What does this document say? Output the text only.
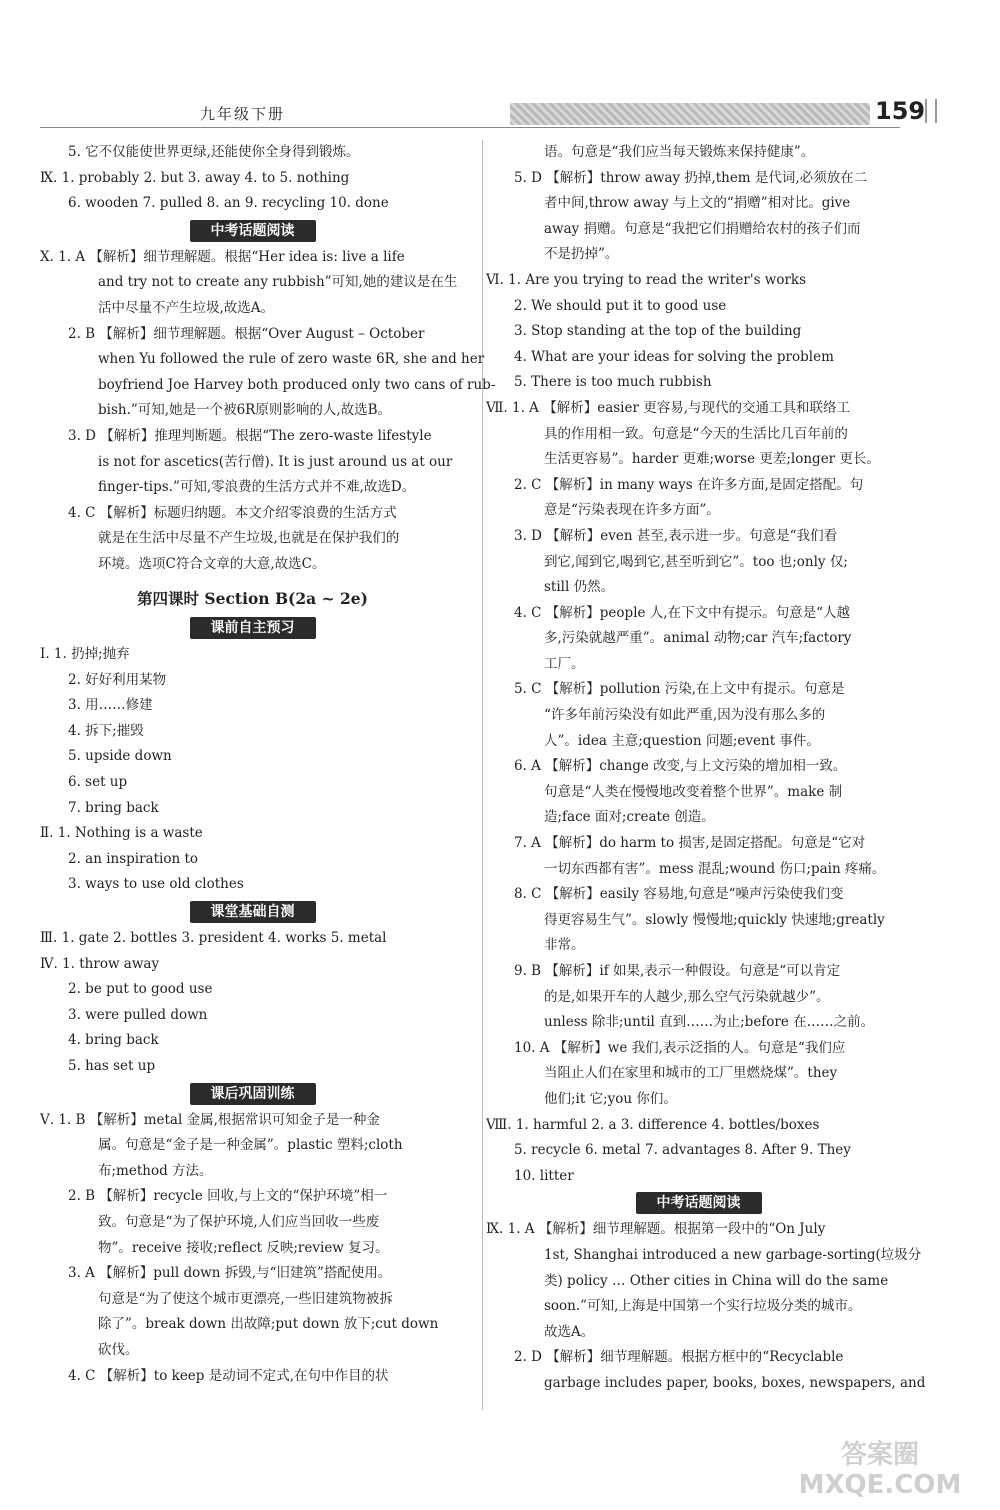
九年级下册	159
5. 它不仅能使世界更绿,还能使你全身得到锻炼。
Ⅸ. 1. probably 2. but 3. away 4. to 5. nothing
6. wooden 7. pulled 8. an 9. recycling 10. done
中考话题阅读
Ⅹ. 1. A 【解析】细节理解题。根据“Her idea is: live a life
and try not to create any rubbish”可知,她的建议是在生
活中尽量不产生垃圾,故选A。
2. B 【解析】细节理解题。根据“Over August – October
when Yu followed the rule of zero waste 6R, she and her
boyfriend Joe Harvey both produced only two cans of rub-
bish.”可知,她是一个被6R原则影响的人,故选B。
3. D 【解析】推理判断题。根据“The zero-waste lifestyle
is not for ascetics(苦行僧). It is just around us at our
finger-tips.”可知,零浪费的生活方式并不难,故选D。
4. C 【解析】标题归纳题。本文介绍零浪费的生活方式
就是在生活中尽量不产生垃圾,也就是在保护我们的
环境。选项C符合文章的大意,故选C。
第四课时 Section B(2a ~ 2e)
课前自主预习
Ⅰ. 1. 扔掉;抛弃
2. 好好利用某物
3. 用……修建
4. 拆下;摧毁
5. upside down
6. set up
7. bring back
Ⅱ. 1. Nothing is a waste
2. an inspiration to
3. ways to use old clothes
课堂基础自测
Ⅲ. 1. gate 2. bottles 3. president 4. works 5. metal
Ⅳ. 1. throw away
2. be put to good use
3. were pulled down
4. bring back
5. has set up
课后巩固训练
Ⅴ. 1. B 【解析】metal 金属,根据常识可知金子是一种金
属。句意是“金子是一种金属”。plastic 塑料;cloth
布;method 方法。
2. B 【解析】recycle 回收,与上文的“保护环境”相一
致。句意是“为了保护环境,人们应当回收一些废
物”。receive 接收;reflect 反映;review 复习。
3. A 【解析】pull down 拆毁,与“旧建筑”搭配使用。
句意是“为了使这个城市更漂亮,一些旧建筑物被拆
除了”。break down 出故障;put down 放下;cut down
砍伐。
4. C 【解析】to keep 是动词不定式,在句中作目的状
语。句意是“我们应当每天锻炼来保持健康”。
5. D 【解析】throw away 扔掉,them 是代词,必须放在二
者中间,throw away 与上文的“捐赠”相对比。give
away 捐赠。句意是“我把它们捐赠给农村的孩子们而
不是扔掉”。
Ⅵ. 1. Are you trying to read the writer's works
2. We should put it to good use
3. Stop standing at the top of the building
4. What are your ideas for solving the problem
5. There is too much rubbish
Ⅶ. 1. A 【解析】easier 更容易,与现代的交通工具和联络工
具的作用相一致。句意是“今天的生活比几百年前的
生活更容易”。harder 更难;worse 更差;longer 更长。
2. C 【解析】in many ways 在许多方面,是固定搭配。句
意是“污染表现在许多方面”。
3. D 【解析】even 甚至,表示进一步。句意是“我们看
到它,闻到它,喝到它,甚至听到它”。too 也;only 仅;
still 仍然。
4. C 【解析】people 人,在下文中有提示。句意是“人越
多,污染就越严重”。animal 动物;car 汽车;factory
工厂。
5. C 【解析】pollution 污染,在上文中有提示。句意是
“许多年前污染没有如此严重,因为没有那么多的
人”。idea 主意;question 问题;event 事件。
6. A 【解析】change 改变,与上文污染的增加相一致。
句意是“人类在慢慢地改变着整个世界”。make 制
造;face 面对;create 创造。
7. A 【解析】do harm to 损害,是固定搭配。句意是“它对
一切东西都有害”。mess 混乱;wound 伤口;pain 疼痛。
8. C 【解析】easily 容易地,句意是“噪声污染使我们变
得更容易生气”。slowly 慢慢地;quickly 快速地;greatly
非常。
9. B 【解析】if 如果,表示一种假设。句意是“可以肯定
的是,如果开车的人越少,那么空气污染就越少”。
unless 除非;until 直到……为止;before 在……之前。
10. A 【解析】we 我们,表示泛指的人。句意是“我们应
当阻止人们在家里和城市的工厂里燃烧煤”。they
他们;it 它;you 你们。
Ⅷ. 1. harmful 2. a 3. difference 4. bottles/boxes
5. recycle 6. metal 7. advantages 8. After 9. They
10. litter
中考话题阅读
Ⅸ. 1. A 【解析】细节理解题。根据第一段中的“On July
1st, Shanghai introduced a new garbage-sorting(垃圾分
类) policy … Other cities in China will do the same
soon.”可知,上海是中国第一个实行垃圾分类的城市。
故选A。
2. D 【解析】细节理解题。根据方框中的“Recyclable
garbage includes paper, books, boxes, newspapers, and
答案圈
MXQE.COM
